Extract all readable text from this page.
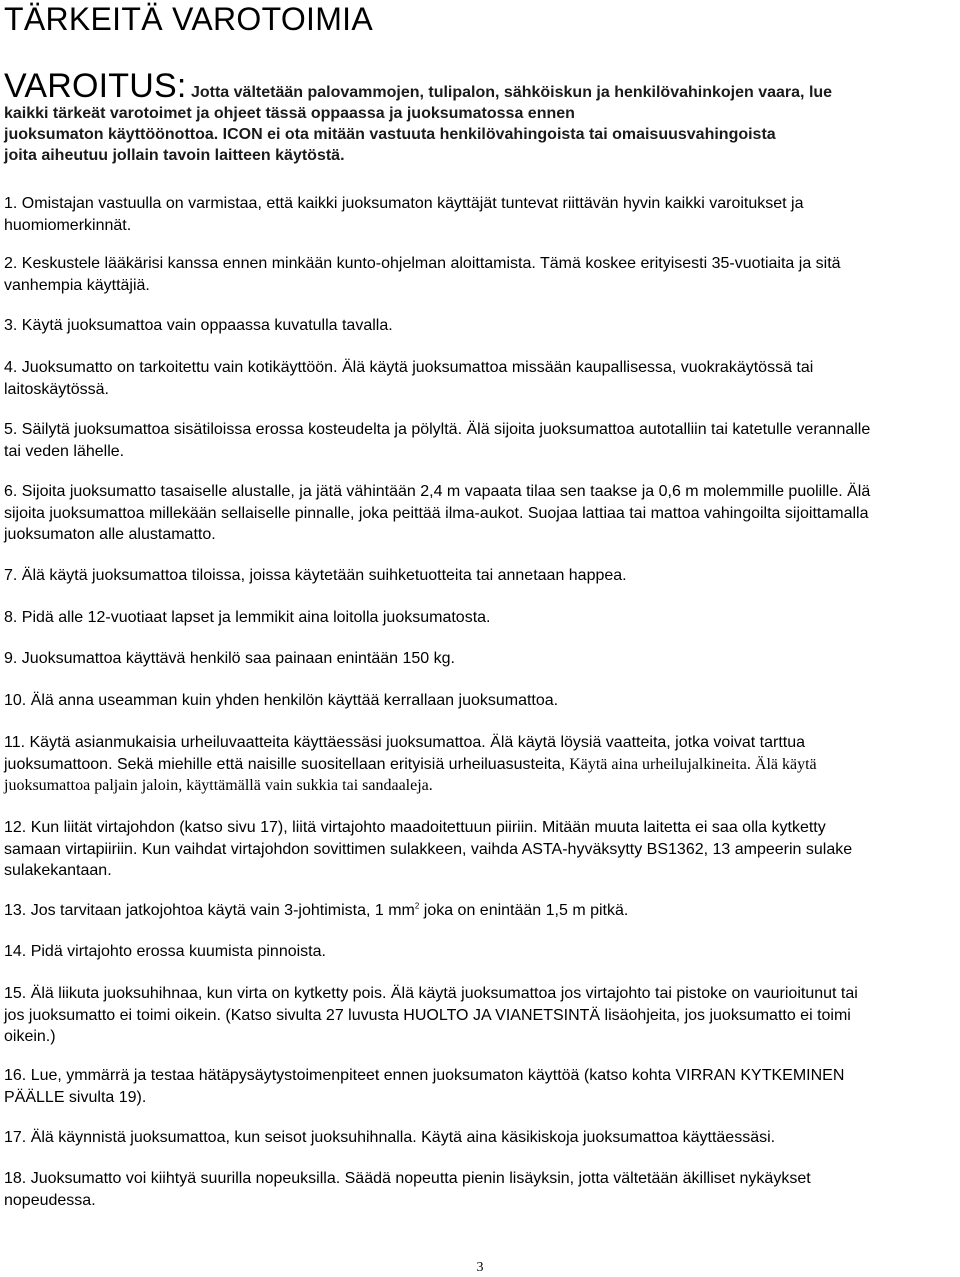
TÄRKEITÄ VAROTOIMIA
VAROITUS: Jotta vältetään palovammojen, tulipalon, sähköiskun ja henkilövahinkojen vaara, lue
kaikki tärkeät varotoimet ja ohjeet tässä oppaassa ja juoksumatossa ennen
juoksumaton käyttöönottoa. ICON ei ota mitään vastuuta henkilövahingoista tai omaisuusvahingoista
joita aiheutuu jollain tavoin laitteen käytöstä.
1. Omistajan vastuulla on varmistaa, että kaikki juoksumaton käyttäjät tuntevat riittävän hyvin kaikki varoitukset ja
huomiomerkinnät.
2. Keskustele lääkärisi kanssa ennen minkään kunto-ohjelman aloittamista. Tämä koskee erityisesti 35-vuotiaita ja sitä
vanhempia käyttäjiä.
3. Käytä juoksumattoa vain oppaassa kuvatulla tavalla.
4. Juoksumatto on tarkoitettu vain kotikäyttöön. Älä käytä juoksumattoa missään kaupallisessa, vuokrakäytössä tai
laitoskäytössä.
5. Säilytä juoksumattoa sisätiloissa erossa kosteudelta ja pölyltä. Älä sijoita juoksumattoa autotalliin tai katetulle verannalle
tai veden lähelle.
6. Sijoita juoksumatto tasaiselle alustalle, ja jätä vähintään 2,4 m vapaata tilaa sen taakse ja 0,6 m molemmille puolille. Älä
sijoita juoksumattoa millekään sellaiselle pinnalle, joka peittää ilma-aukot. Suojaa lattiaa tai mattoa vahingoilta sijoittamalla
juoksumaton alle alustamatto.
7. Älä käytä juoksumattoa tiloissa, joissa käytetään suihketuotteita tai annetaan happea.
8. Pidä alle 12-vuotiaat lapset ja lemmikit aina loitolla juoksumatosta.
9. Juoksumattoa käyttävä henkilö saa painaan enintään 150 kg.
10. Älä anna useamman kuin yhden henkilön käyttää kerrallaan juoksumattoa.
11. Käytä asianmukaisia urheiluvaatteita käyttäessäsi juoksumattoa. Älä käytä löysiä vaatteita, jotka voivat tarttua
juoksumattoon. Sekä miehille että naisille suositellaan erityisiä urheiluasusteita, Käytä aina urheilujalkineita. Älä käytä
juoksumattoa paljain jaloin, käyttämällä vain sukkia tai sandaaleja.
12. Kun liität virtajohdon (katso sivu 17), liitä virtajohto maadoitettuun piiriin. Mitään muuta laitetta ei saa olla kytketty
samaan virtapiiriin. Kun vaihdat virtajohdon sovittimen sulakkeen, vaihda ASTA-hyväksytty BS1362, 13 ampeerin sulake
sulakekantaan.
13. Jos tarvitaan jatkojohtoa käytä vain 3-johtimista, 1 $mm^2$ joka on enintään 1,5 m pitkä.
14. Pidä virtajohto erossa kuumista pinnoista.
15. Älä liikuta juoksuhihnaa, kun virta on kytketty pois. Älä käytä juoksumattoa jos virtajohto tai pistoke on vaurioitunut tai
jos juoksumatto ei toimi oikein. (Katso sivulta 27 luvusta HUOLTO JA VIANETSINTÄ lisäohjeita, jos juoksumatto ei toimi
oikein.)
16. Lue, ymmärrä ja testaa hätäpysäytystoimenpiteet ennen juoksumaton käyttöä (katso kohta VIRRAN KYTKEMINEN
PÄÄLLE sivulta 19).
17. Älä käynnistä juoksumattoa, kun seisot juoksuhihnalla. Käytä aina käsikiskoja juoksumattoa käyttäessäsi.
18. Juoksumatto voi kiihtyä suurilla nopeuksilla. Säädä nopeutta pienin lisäyksin, jotta vältetään äkilliset nykäykset
nopeudessa.
3
